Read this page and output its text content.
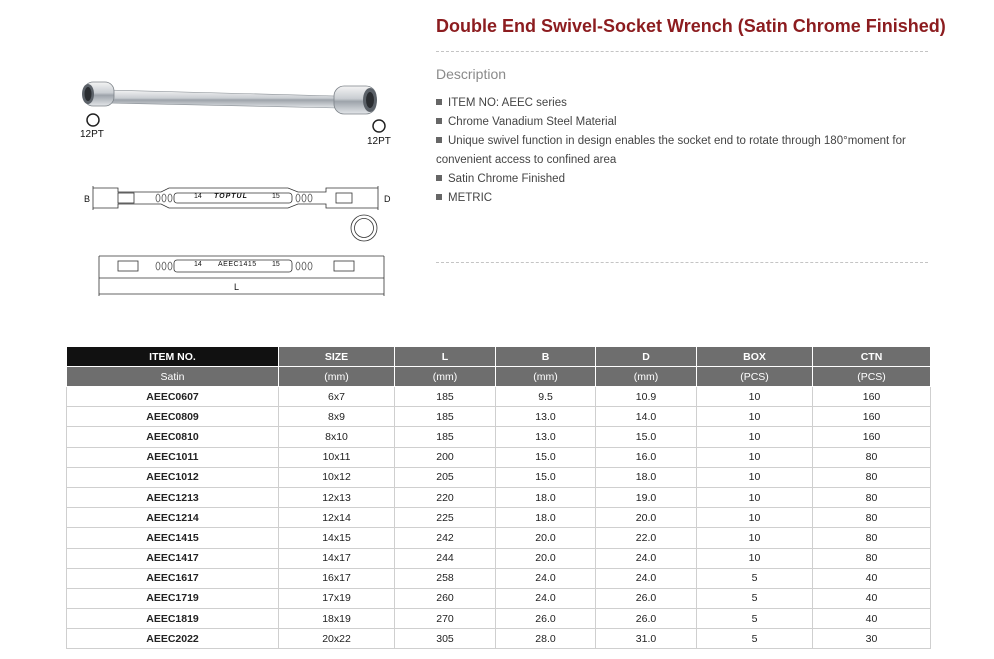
12PT
12PT
B	D
L
14 TOPTUL	15
14 AEEC1415 15
Double End Swivel-Socket Wrench (Satin Chrome Finished)
Description
ITEM NO: AEEC series
Chrome Vanadium Steel Material
Unique swivel function in design enables the socket end to rotate through 180°moment for
convenient access to confined area
Satin Chrome Finished
METRIC
ITEM NO.	SIZE	L	B	D	BOX	CTN
Satin	(mm)	(mm)	(mm)	(mm)	(PCS)	(PCS)
AEEC0607	6x7	185	9.5	10.9	10	160
AEEC0809	8x9	185	13.0	14.0	10	160
AEEC0810	8x10	185	13.0	15.0	10	160
AEEC1011	10x11	200	15.0	16.0	10	80
AEEC1012	10x12	205	15.0	18.0	10	80
AEEC1213	12x13	220	18.0	19.0	10	80
AEEC1214	12x14	225	18.0	20.0	10	80
AEEC1415	14x15	242	20.0	22.0	10	80
AEEC1417	14x17	244	20.0	24.0	10	80
AEEC1617	16x17	258	24.0	24.0	5	40
AEEC1719	17x19	260	24.0	26.0	5	40
AEEC1819	18x19	270	26.0	26.0	5	40
AEEC2022	20x22	305	28.0	31.0	5	30
